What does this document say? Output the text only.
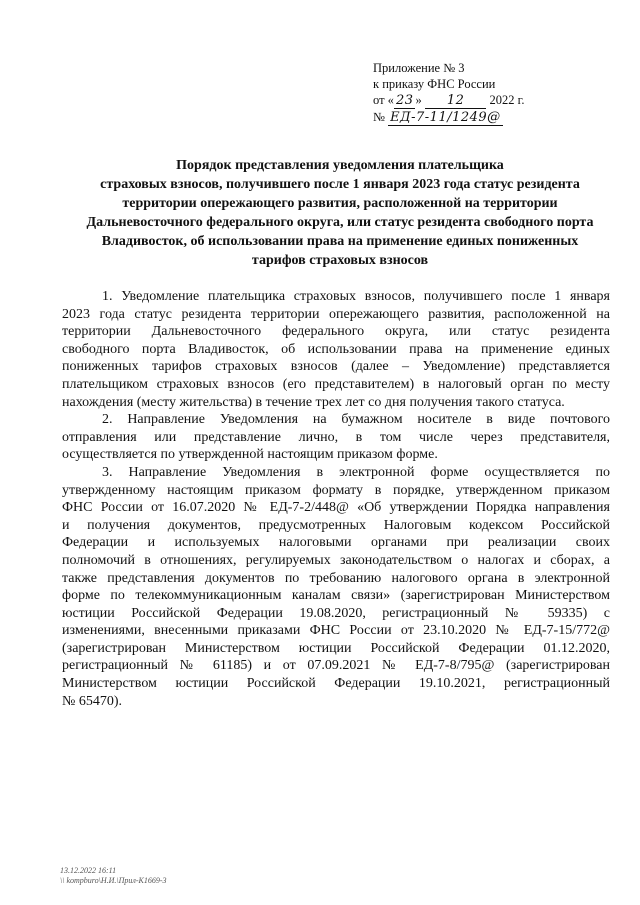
Приложение № 3
к приказу ФНС России
от « 23 » 12 2022 г.
№ ЕД-7-11/1249@
Порядок представления уведомления плательщика
страховых взносов, получившего после 1 января 2023 года статус резидента
территории опережающего развития, расположенной на территории
Дальневосточного федерального округа, или статус резидента свободного порта
Владивосток, об использовании права на применение единых пониженных
тарифов страховых взносов
1. Уведомление плательщика страховых взносов, получившего после 1 января
2023 года статус резидента территории опережающего развития, расположенной на
территории Дальневосточного федерального округа, или статус резидента
свободного порта Владивосток, об использовании права на применение единых
пониженных тарифов страховых взносов (далее – Уведомление) представляется
плательщиком страховых взносов (его представителем) в налоговый орган по месту
нахождения (месту жительства) в течение трех лет со дня получения такого статуса.
2. Направление Уведомления на бумажном носителе в виде почтового
отправления или представление лично, в том числе через представителя,
осуществляется по утвержденной настоящим приказом форме.
3. Направление Уведомления в электронной форме осуществляется по
утвержденному настоящим приказом формату в порядке, утвержденном приказом
ФНС России от 16.07.2020 № ЕД-7-2/448@ «Об утверждении Порядка направления
и получения документов, предусмотренных Налоговым кодексом Российской
Федерации и используемых налоговыми органами при реализации своих
полномочий в отношениях, регулируемых законодательством о налогах и сборах, а
также представления документов по требованию налогового органа в электронной
форме по телекоммуникационным каналам связи» (зарегистрирован Министерством
юстиции Российской Федерации 19.08.2020, регистрационный № 59335) с
изменениями, внесенными приказами ФНС России от 23.10.2020 № ЕД-7-15/772@
(зарегистрирован Министерством юстиции Российской Федерации 01.12.2020,
регистрационный № 61185) и от 07.09.2021 № ЕД-7-8/795@ (зарегистрирован
Министерством юстиции Российской Федерации 19.10.2021, регистрационный
№ 65470).
13.12.2022 16:11
\\ kompburo\Н.И.\Прил-К1669-3
